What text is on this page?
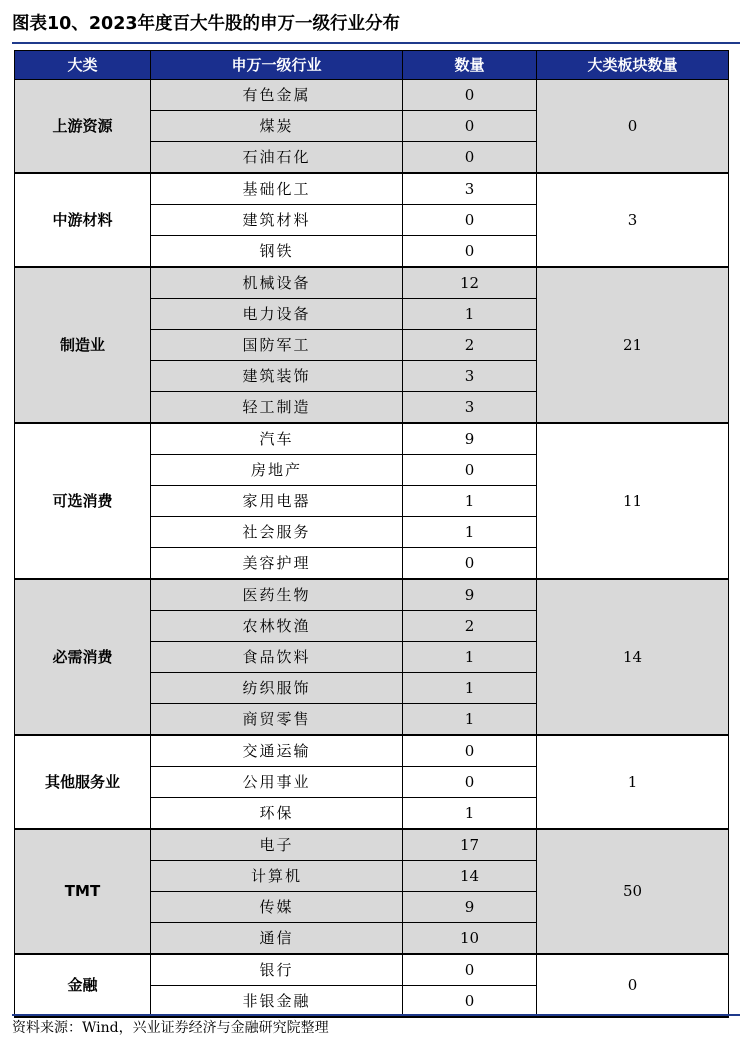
图表10、2023年度百大牛股的申万一级行业分布
大类	申万一级行业	数量	大类板块数量
上游资源	有色金属	0	0
	煤炭	0	
	石油石化	0	
中游材料	基础化工	3	3
	建筑材料	0	
	钢铁	0	
制造业	机械设备	12	21
	电力设备	1	
	国防军工	2	
	建筑装饰	3	
	轻工制造	3	
可选消费	汽车	9	11
	房地产	0	
	家用电器	1	
	社会服务	1	
	美容护理	0	
必需消费	医药生物	9	14
	农林牧渔	2	
	食品饮料	1	
	纺织服饰	1	
	商贸零售	1	
其他服务业	交通运输	0	1
	公用事业	0	
	环保	1	
TMT	电子	17	50
	计算机	14	
	传媒	9	
	通信	10	
金融	银行	0	0
	非银金融	0	
资料来源：Wind，兴业证券经济与金融研究院整理
